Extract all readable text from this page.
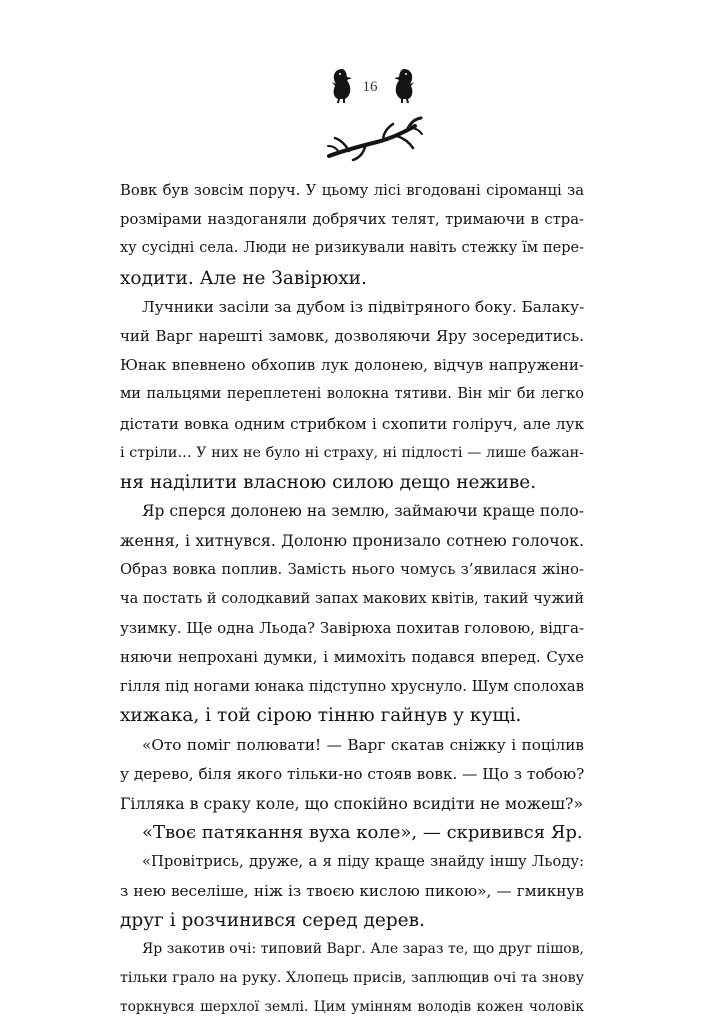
16
Вовк був зовсім поруч. У цьому лісі вгодовані сіроманці за
розмірами наздоганяли добрячих телят, тримаючи в стра-
ху сусідні села. Люди не ризикували навіть стежку їм пере-
ходити. Але не Завірюхи.
Лучники засіли за дубом із підвітряного боку. Балаку-
чий Варг нарешті замовк, дозволяючи Яру зосередитись.
Юнак впевнено обхопив лук долонею, відчув напружени-
ми пальцями переплетені волокна тятиви. Він міг би легко
дістати вовка одним стрибком і схопити голіруч, але лук
і стріли… У них не було ні страху, ні підлості — лише бажан-
ня наділити власною силою дещо неживе.
Яр сперся долонею на землю, займаючи краще поло-
ження, і хитнувся. Долоню пронизало сотнею голочок.
Образ вовка поплив. Замість нього чомусь з’явилася жіно-
ча постать й солодкавий запах макових квітів, такий чужий
узимку. Ще одна Льода? Завірюха похитав головою, відга-
няючи непрохані думки, і мимохіть подався вперед. Сухе
гілля під ногами юнака підступно хруснуло. Шум сполохав
хижака, і той сірою тінню гайнув у кущі.
«Ото поміг полювати! — Варг скатав сніжку і поцілив
у дерево, біля якого тільки-но стояв вовк. — Що з тобою?
Гілляка в сраку коле, що спокійно всидіти не можеш?»
«Твоє патякання вуха коле», — скривився Яр.
«Провітрись, друже, а я піду краще знайду іншу Льоду:
з нею веселіше, ніж із твоєю кислою пикою», — гмикнув
друг і розчинився серед дерев.
Яр закотив очі: типовий Варг. Але зараз те, що друг пішов,
тільки грало на руку. Хлопець присів, заплющив очі та знову
торкнувся шерхлої землі. Цим умінням володів кожен чоловік
